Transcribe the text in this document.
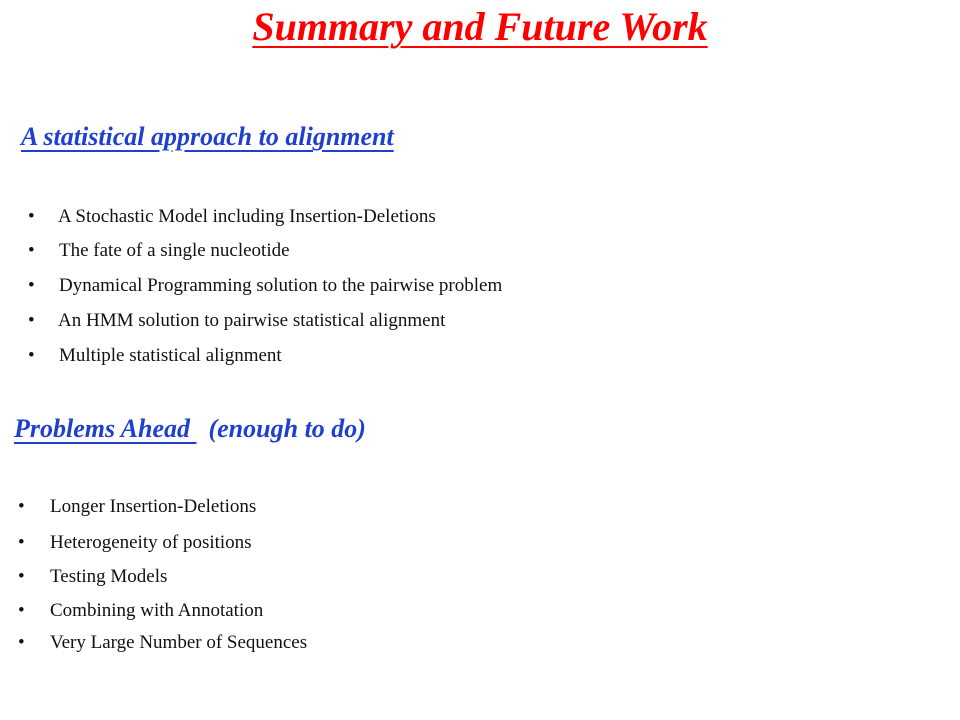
Summary and Future Work
A statistical approach to alignment
• A Stochastic Model including Insertion-Deletions
• The fate of a single nucleotide
• Dynamical Programming solution to the pairwise problem
• An HMM solution to pairwise statistical alignment
• Multiple statistical alignment
Problems Ahead (enough to do)
• Longer Insertion-Deletions
• Heterogeneity of positions
• Testing Models
• Combining with Annotation
• Very Large Number of Sequences
